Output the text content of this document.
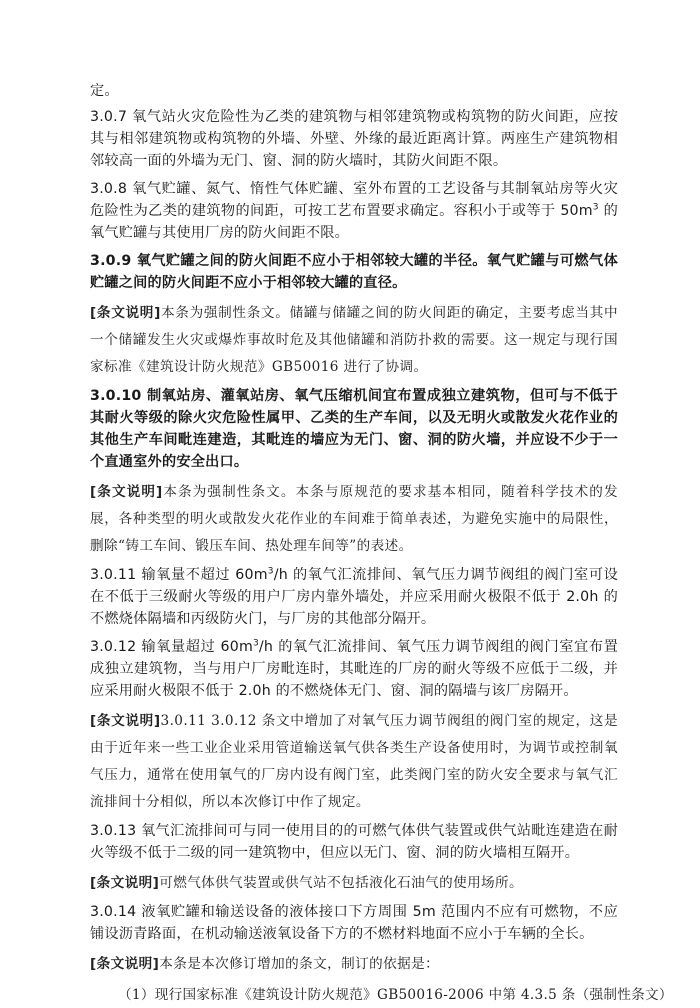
定。

3.0.7 氧气站火灾危险性为乙类的建筑物与相邻建筑物或构筑物的防火间距，应按其与相邻建筑物或构筑物的外墙、外壁、外缘的最近距离计算。两座生产建筑物相邻较高一面的外墙为无门、窗、洞的防火墙时，其防火间距不限。

3.0.8 氧气贮罐、氮气、惰性气体贮罐、室外布置的工艺设备与其制氧站房等火灾危险性为乙类的建筑物的间距，可按工艺布置要求确定。容积小于或等于 $50m^3$ 的氧气贮罐与其使用厂房的防火间距不限。

3.0.9 氧气贮罐之间的防火间距不应小于相邻较大罐的半径。氧气贮罐与可燃气体贮罐之间的防火间距不应小于相邻较大罐的直径。

[条文说明]本条为强制性条文。储罐与储罐之间的防火间距的确定，主要考虑当其中一个储罐发生火灾或爆炸事故时危及其他储罐和消防扑救的需要。这一规定与现行国家标准《建筑设计防火规范》GB50016 进行了协调。

3.0.10 制氧站房、灌氧站房、氧气压缩机间宜布置成独立建筑物，但可与不低于其耐火等级的除火灾危险性属甲、乙类的生产车间，以及无明火或散发火花作业的其他生产车间毗连建造，其毗连的墙应为无门、窗、洞的防火墙，并应设不少于一个直通室外的安全出口。

[条文说明]本条为强制性条文。本条与原规范的要求基本相同，随着科学技术的发展，各种类型的明火或散发火花作业的车间难于简单表述，为避免实施中的局限性，删除“铸工车间、锻压车间、热处理车间等”的表述。

3.0.11 输氧量不超过 $60m^3/h$ 的氧气汇流排间、氧气压力调节阀组的阀门室可设在不低于三级耐火等级的用户厂房内靠外墙处，并应采用耐火极限不低于 2.0h 的不燃烧体隔墙和丙级防火门，与厂房的其他部分隔开。

3.0.12 输氧量超过 $60m^3/h$ 的氧气汇流排间、氧气压力调节阀组的阀门室宜布置成独立建筑物，当与用户厂房毗连时，其毗连的厂房的耐火等级不应低于二级，并应采用耐火极限不低于 2.0h 的不燃烧体无门、窗、洞的隔墙与该厂房隔开。

[条文说明]3.0.11 3.0.12 条文中增加了对氧气压力调节阀组的阀门室的规定，这是由于近年来一些工业企业采用管道输送氧气供各类生产设备使用时，为调节或控制氧气压力，通常在使用氧气的厂房内设有阀门室，此类阀门室的防火安全要求与氧气汇流排间十分相似，所以本次修订中作了规定。

3.0.13 氧气汇流排间可与同一使用目的的可燃气体供气装置或供气站毗连建造在耐火等级不低于二级的同一建筑物中，但应以无门、窗、洞的防火墙相互隔开。

[条文说明]可燃气体供气装置或供气站不包括液化石油气的使用场所。

3.0.14 液氧贮罐和输送设备的液体接口下方周围 5m 范围内不应有可燃物，不应铺设沥青路面，在机动输送液氧设备下方的不燃材料地面不应小于车辆的全长。

[条文说明]本条是本次修订增加的条文，制订的依据是：

（1）现行国家标准《建筑设计防火规范》GB50016-2006 中第 4.3.5 条（强制性条文）
